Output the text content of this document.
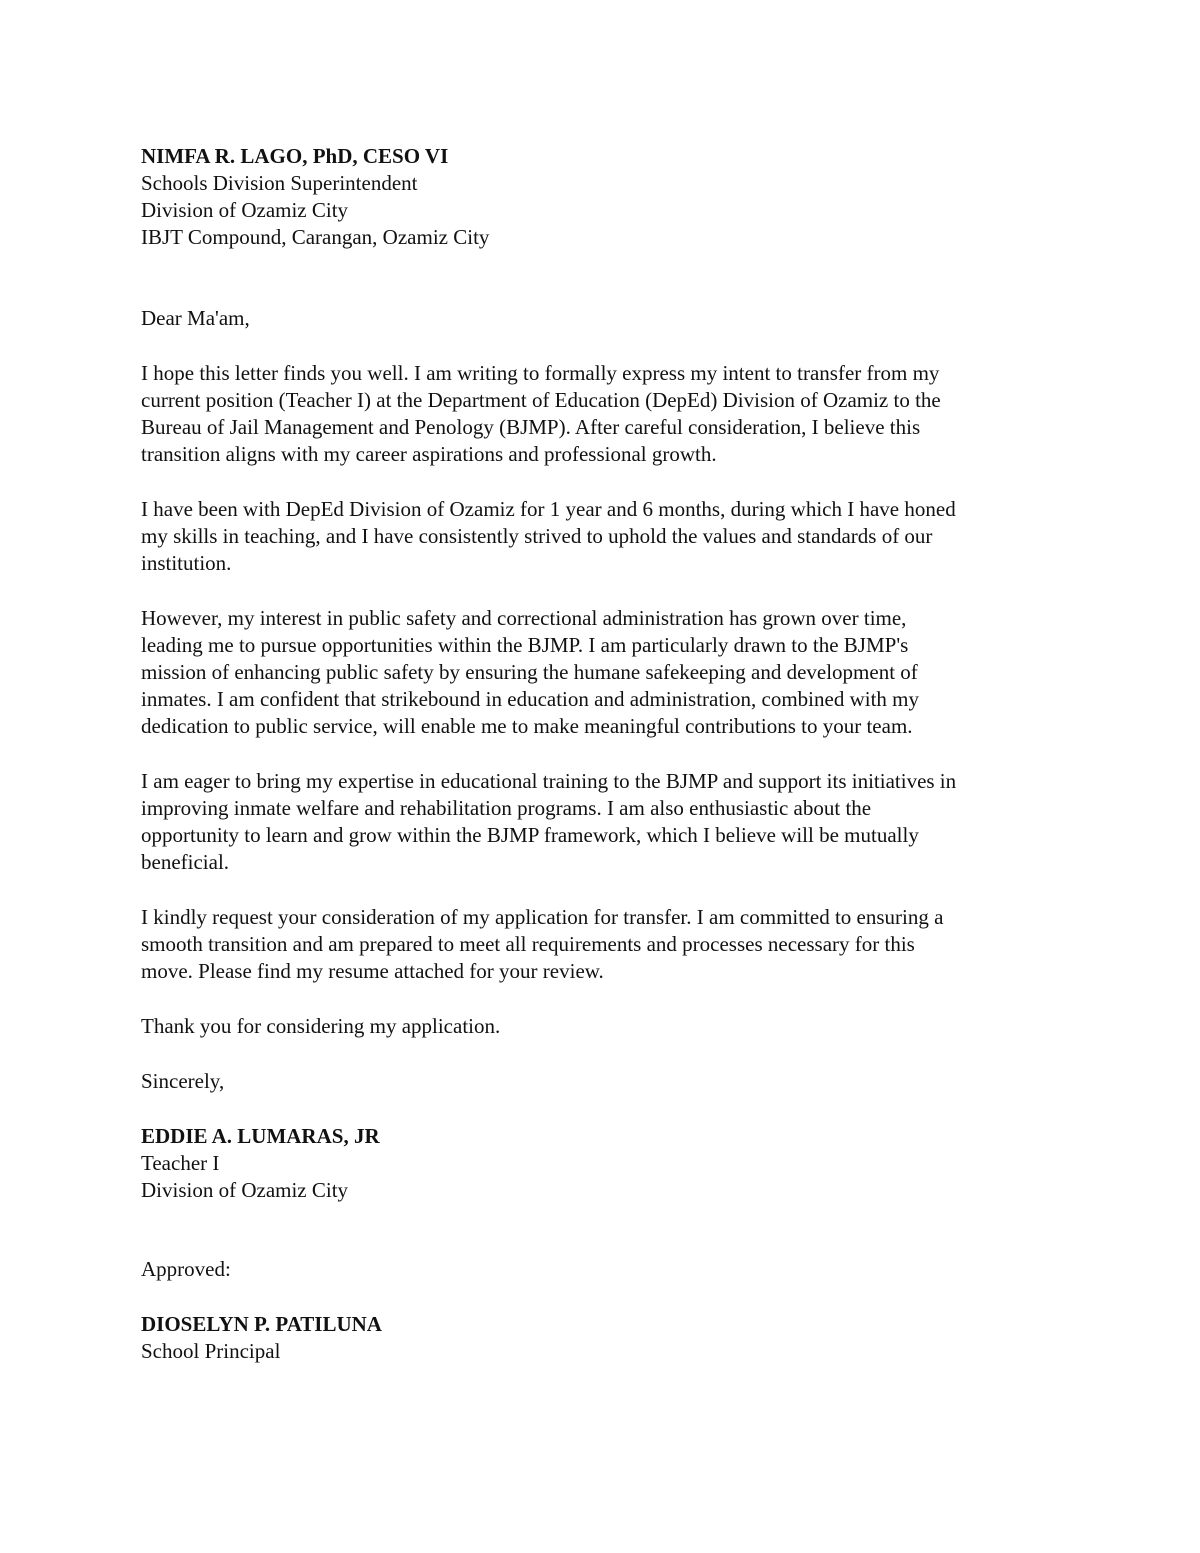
NIMFA R. LAGO, PhD, CESO VI
Schools Division Superintendent
Division of Ozamiz City
IBJT Compound, Carangan, Ozamiz City
Dear Ma'am,

I hope this letter finds you well. I am writing to formally express my intent to transfer from my
current position (Teacher I) at the Department of Education (DepEd) Division of Ozamiz to the
Bureau of Jail Management and Penology (BJMP). After careful consideration, I believe this
transition aligns with my career aspirations and professional growth.

I have been with DepEd Division of Ozamiz for 1 year and 6 months, during which I have honed
my skills in teaching, and I have consistently strived to uphold the values and standards of our
institution.

However, my interest in public safety and correctional administration has grown over time,
leading me to pursue opportunities within the BJMP. I am particularly drawn to the BJMP's
mission of enhancing public safety by ensuring the humane safekeeping and development of
inmates. I am confident that strikebound in education and administration, combined with my
dedication to public service, will enable me to make meaningful contributions to your team.

I am eager to bring my expertise in educational training to the BJMP and support its initiatives in
improving inmate welfare and rehabilitation programs. I am also enthusiastic about the
opportunity to learn and grow within the BJMP framework, which I believe will be mutually
beneficial.

I kindly request your consideration of my application for transfer. I am committed to ensuring a
smooth transition and am prepared to meet all requirements and processes necessary for this
move. Please find my resume attached for your review.

Thank you for considering my application.

Sincerely,
EDDIE A. LUMARAS, JR
Teacher I
Division of Ozamiz City
Approved:
DIOSELYN P. PATILUNA
School Principal
